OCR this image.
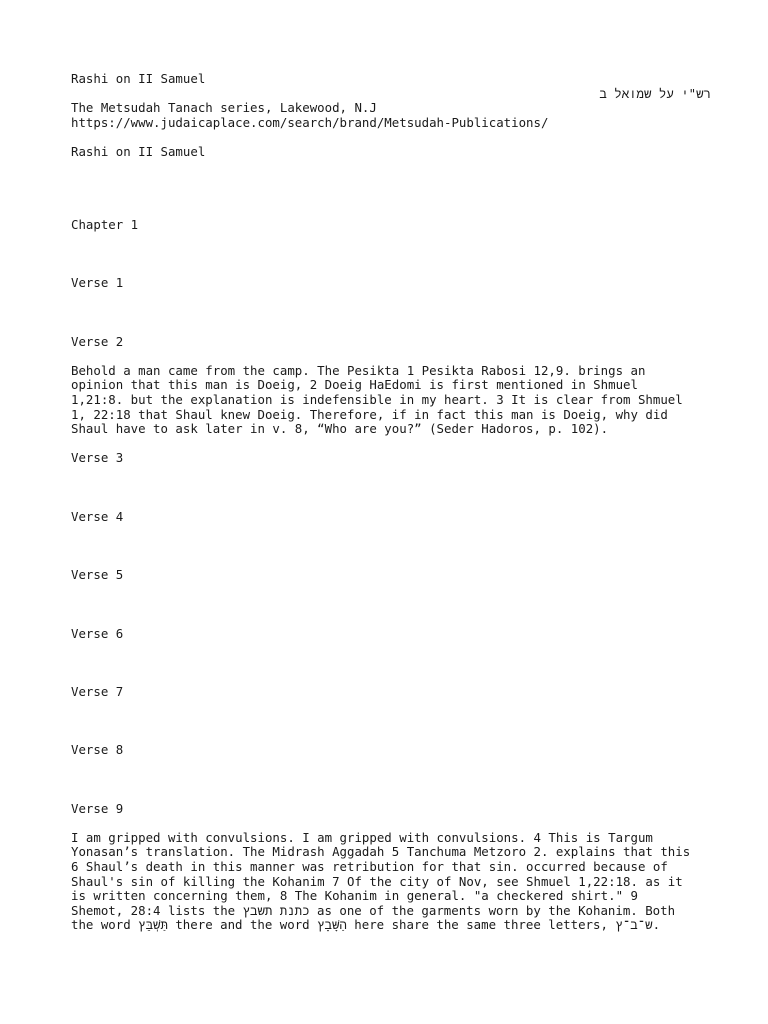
Rashi on II Samuel
רש"י על שמואל ב
The Metsudah Tanach series, Lakewood, N.J
https://www.judaicaplace.com/search/brand/Metsudah-Publications/
Rashi on II Samuel
Chapter 1
Verse 1
Verse 2
Behold a man came from the camp. The Pesikta 1 Pesikta Rabosi 12,9. brings an
opinion that this man is Doeig, 2 Doeig HaEdomi is first mentioned in Shmuel
1,21:8. but the explanation is indefensible in my heart. 3 It is clear from Shmuel
1, 22:18 that Shaul knew Doeig. Therefore, if in fact this man is Doeig, why did
Shaul have to ask later in v. 8, “Who are you?” (Seder Hadoros, p. 102).
Verse 3
Verse 4
Verse 5
Verse 6
Verse 7
Verse 8
Verse 9
I am gripped with convulsions. I am gripped with convulsions. 4 This is Targum
Yonasan’s translation. The Midrash Aggadah 5 Tanchuma Metzoro 2. explains that this
6 Shaul’s death in this manner was retribution for that sin. occurred because of
Shaul's sin of killing the Kohanim 7 Of the city of Nov, see Shmuel 1,22:18. as it
is written concerning them, 8 The Kohanim in general. "a checkered shirt." 9
Shemot, 28:4 lists the כתנת תשבץ as one of the garments worn by the Kohanim. Both
the word תַּשְׁבֵּץ there and the word הַשָּׁבָץ here share the same three letters, ש־ב־ץ.
